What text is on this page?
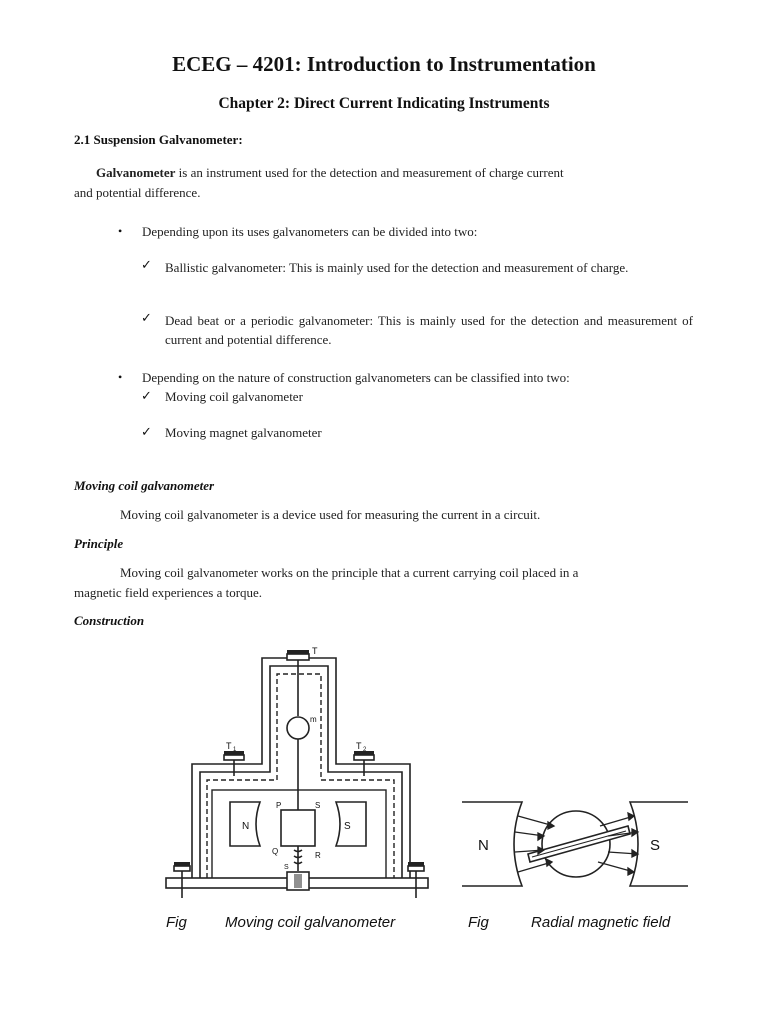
ECEG – 4201: Introduction to Instrumentation
Chapter 2: Direct Current Indicating Instruments
2.1 Suspension Galvanometer:
Galvanometer is an instrument used for the detection and measurement of charge current
and potential difference.
• Depending upon its uses galvanometers can be divided into two:
✓ Ballistic galvanometer: This is mainly used for the detection and measurement of charge.
✓ Dead beat or a periodic galvanometer: This is mainly used for the detection and measurement of current and potential difference.
• Depending on the nature of construction galvanometers can be classified into two:
✓ Moving coil galvanometer
✓ Moving magnet galvanometer
Moving coil galvanometer
Moving coil galvanometer is a device used for measuring the current in a circuit.
Principle
Moving coil galvanometer works on the principle that a current carrying coil placed in a
magnetic field experiences a torque.
Construction
T
T 1	T 2
m
N	S
P	S
Q	R
S
Fig	Moving coil galvanometer
N	S
Fig	Radial magnetic field
